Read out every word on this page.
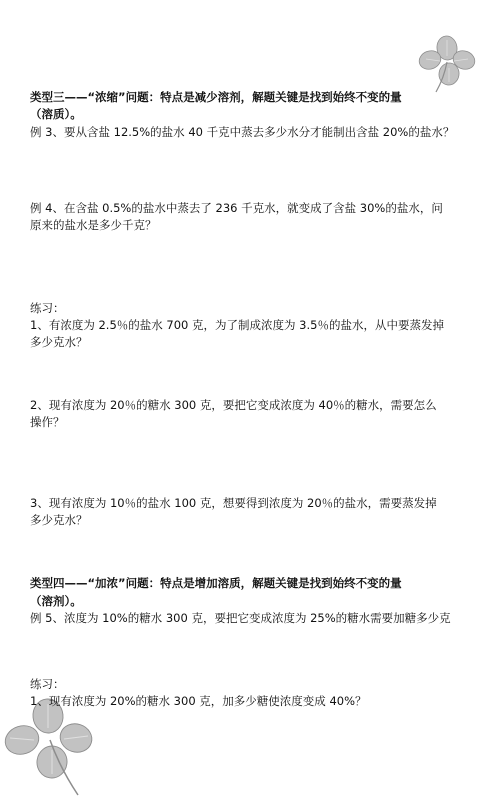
类型三——“浓缩”问题：特点是减少溶剂，解题关键是找到始终不变的量
（溶质）。
例 3、要从含盐 12.5%的盐水 40 千克中蒸去多少水分才能制出含盐 20%的盐水？
例 4、在含盐 0.5%的盐水中蒸去了 236 千克水，就变成了含盐 30%的盐水，问
原来的盐水是多少千克？
练习：
1、有浓度为 2.5％的盐水 700 克，为了制成浓度为 3.5％的盐水，从中要蒸发掉
多少克水？
2、现有浓度为 20％的糖水 300 克，要把它变成浓度为 40％的糖水，需要怎么
操作？
3、现有浓度为 10％的盐水 100 克，想要得到浓度为 20％的盐水，需要蒸发掉
多少克水？
类型四——“加浓”问题：特点是增加溶质，解题关键是找到始终不变的量
（溶剂）。
例 5、浓度为 10%的糖水 300 克，要把它变成浓度为 25%的糖水需要加糖多少克
练习：
1、现有浓度为 20%的糖水 300 克，加多少糖使浓度变成 40%？
